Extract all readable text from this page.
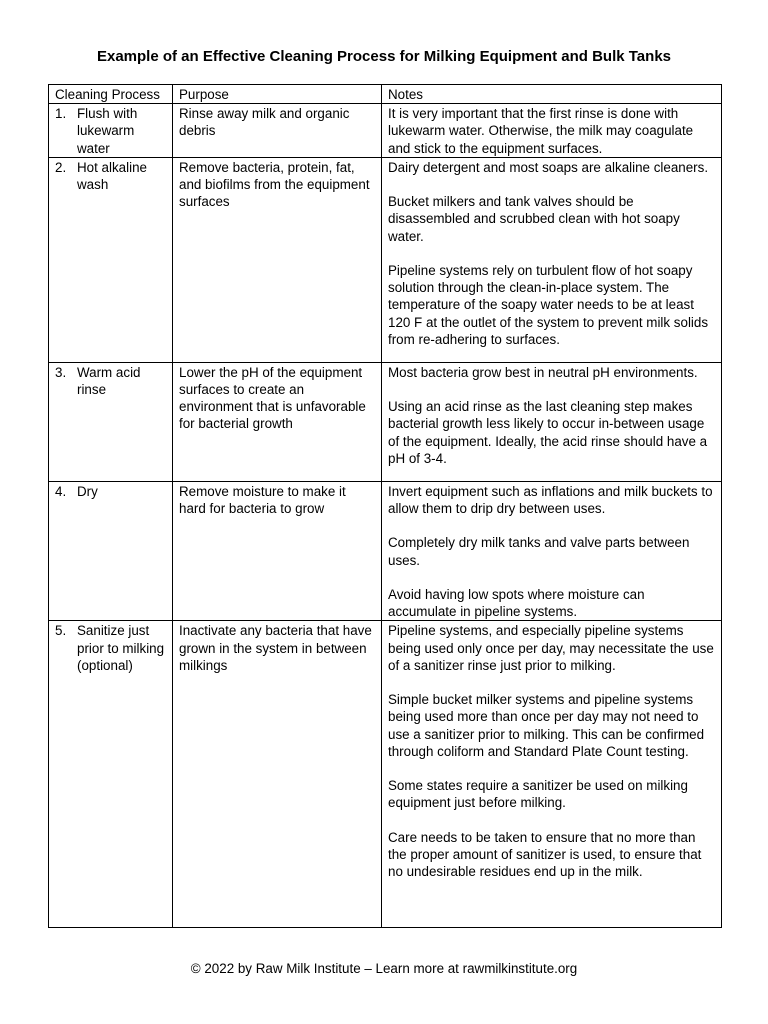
Example of an Effective Cleaning Process for Milking Equipment and Bulk Tanks
Cleaning Process	Purpose	Notes

1. Flush with lukewarm water	Rinse away milk and organic debris	It is very important that the first rinse is done with lukewarm water. Otherwise, the milk may coagulate and stick to the equipment surfaces.

2. Hot alkaline wash	Remove bacteria, protein, fat, and biofilms from the equipment surfaces	Dairy detergent and most soaps are alkaline cleaners.
Bucket milkers and tank valves should be disassembled and scrubbed clean with hot soapy water.
Pipeline systems rely on turbulent flow of hot soapy solution through the clean-in-place system. The temperature of the soapy water needs to be at least 120 F at the outlet of the system to prevent milk solids from re-adhering to surfaces.

3. Warm acid rinse	Lower the pH of the equipment surfaces to create an environment that is unfavorable for bacterial growth	Most bacteria grow best in neutral pH environments.
Using an acid rinse as the last cleaning step makes bacterial growth less likely to occur in-between usage of the equipment. Ideally, the acid rinse should have a pH of 3-4.

4. Dry	Remove moisture to make it hard for bacteria to grow	Invert equipment such as inflations and milk buckets to allow them to drip dry between uses.
Completely dry milk tanks and valve parts between uses.
Avoid having low spots where moisture can accumulate in pipeline systems.

5. Sanitize just prior to milking (optional)	Inactivate any bacteria that have grown in the system in between milkings	Pipeline systems, and especially pipeline systems being used only once per day, may necessitate the use of a sanitizer rinse just prior to milking.
Simple bucket milker systems and pipeline systems being used more than once per day may not need to use a sanitizer prior to milking. This can be confirmed through coliform and Standard Plate Count testing.
Some states require a sanitizer be used on milking equipment just before milking.
Care needs to be taken to ensure that no more than the proper amount of sanitizer is used, to ensure that no undesirable residues end up in the milk.
© 2022 by Raw Milk Institute – Learn more at rawmilkinstitute.org
